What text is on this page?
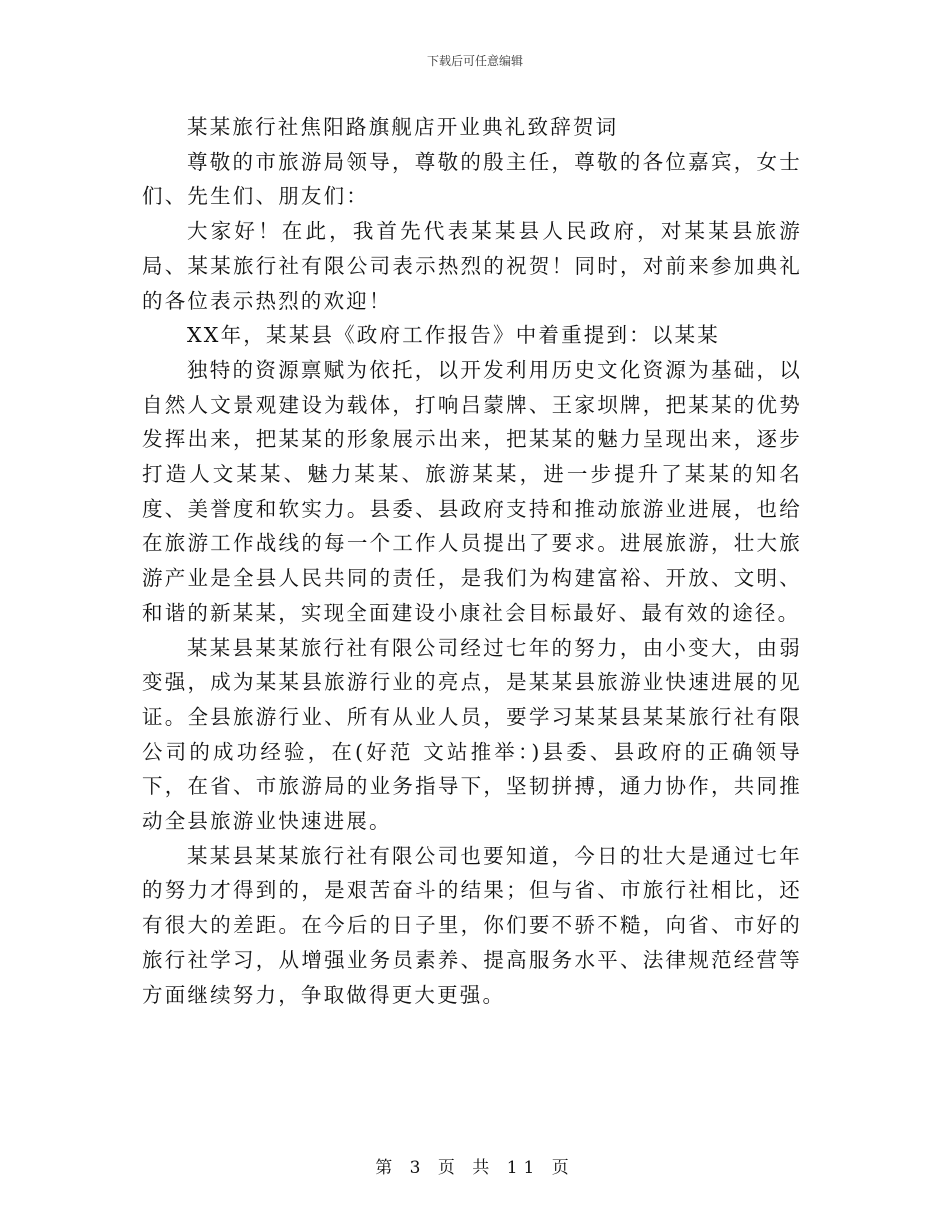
下载后可任意编辑

某某旅行社焦阳路旗舰店开业典礼致辞贺词

尊敬的市旅游局领导，尊敬的殷主任，尊敬的各位嘉宾，女士们、先生们、朋友们：

大家好！在此，我首先代表某某县人民政府，对某某县旅游局、某某旅行社有限公司表示热烈的祝贺！同时，对前来参加典礼的各位表示热烈的欢迎！

XX年，某某县《政府工作报告》中着重提到：以某某

独特的资源禀赋为依托，以开发利用历史文化资源为基础，以自然人文景观建设为载体，打响吕蒙牌、王家坝牌，把某某的优势发挥出来，把某某的形象展示出来，把某某的魅力呈现出来，逐步打造人文某某、魅力某某、旅游某某，进一步提升了某某的知名度、美誉度和软实力。县委、县政府支持和推动旅游业进展，也给在旅游工作战线的每一个工作人员提出了要求。进展旅游，壮大旅游产业是全县人民共同的责任，是我们为构建富裕、开放、文明、和谐的新某某，实现全面建设小康社会目标最好、最有效的途径。

某某县某某旅行社有限公司经过七年的努力，由小变大，由弱变强，成为某某县旅游行业的亮点，是某某县旅游业快速进展的见证。全县旅游行业、所有从业人员，要学习某某县某某旅行社有限公司的成功经验，在(好范 文站推举：)县委、县政府的正确领导下，在省、市旅游局的业务指导下，坚韧拼搏，通力协作，共同推动全县旅游业快速进展。

某某县某某旅行社有限公司也要知道，今日的壮大是通过七年的努力才得到的，是艰苦奋斗的结果；但与省、市旅行社相比，还有很大的差距。在今后的日子里，你们要不骄不糙，向省、市好的旅行社学习，从增强业务员素养、提高服务水平、法律规范经营等方面继续努力，争取做得更大更强。

第 3 页 共 11 页
